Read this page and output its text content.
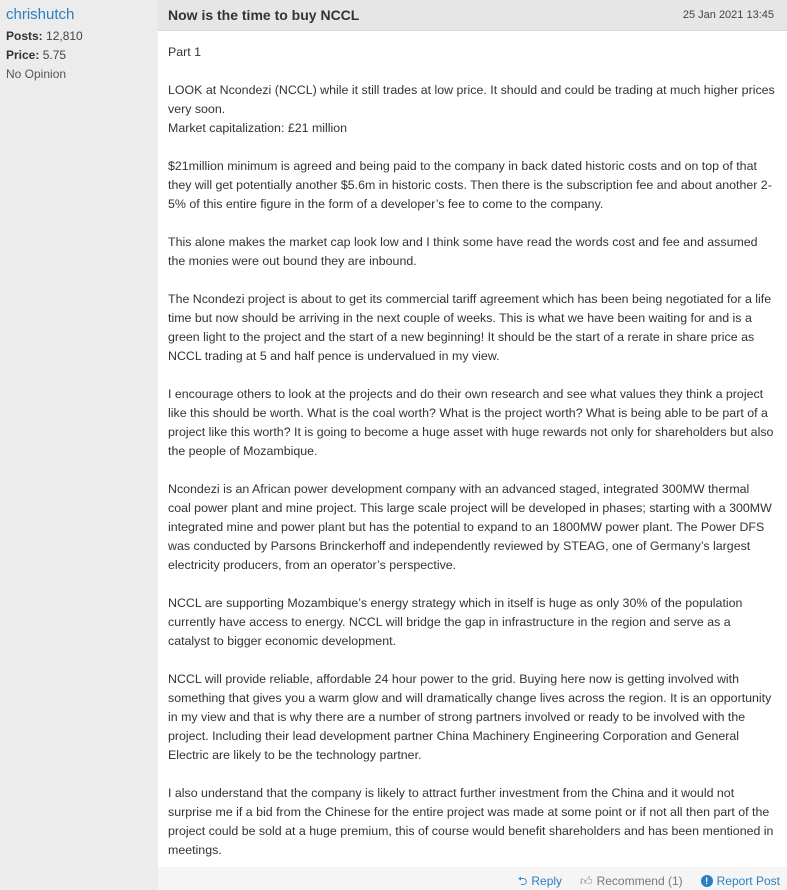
chrishutch
Posts: 12,810
Price: 5.75
No Opinion
Now is the time to buy NCCL	25 Jan 2021 13:45

Part 1

LOOK at Ncondezi (NCCL) while it still trades at low price. It should and could be trading at much higher prices very soon.
Market capitalization: £21 million

$21million minimum is agreed and being paid to the company in back dated historic costs and on top of that they will get potentially another $5.6m in historic costs. Then there is the subscription fee and about another 2-5% of this entire figure in the form of a developer’s fee to come to the company.

This alone makes the market cap look low and I think some have read the words cost and fee and assumed the monies were out bound they are inbound.

The Ncondezi project is about to get its commercial tariff agreement which has been being negotiated for a life time but now should be arriving in the next couple of weeks. This is what we have been waiting for and is a green light to the project and the start of a new beginning! It should be the start of a rerate in share price as NCCL trading at 5 and half pence is undervalued in my view.

I encourage others to look at the projects and do their own research and see what values they think a project like this should be worth. What is the coal worth? What is the project worth? What is being able to be part of a project like this worth? It is going to become a huge asset with huge rewards not only for shareholders but also the people of Mozambique.

Ncondezi is an African power development company with an advanced staged, integrated 300MW thermal coal power plant and mine project. This large scale project will be developed in phases; starting with a 300MW integrated mine and power plant but has the potential to expand to an 1800MW power plant. The Power DFS was conducted by Parsons Brinckerhoff and independently reviewed by STEAG, one of Germany’s largest electricity producers, from an operator’s perspective.

NCCL are supporting Mozambique’s energy strategy which in itself is huge as only 30% of the population currently have access to energy. NCCL will bridge the gap in infrastructure in the region and serve as a catalyst to bigger economic development.

NCCL will provide reliable, affordable 24 hour power to the grid. Buying here now is getting involved with something that gives you a warm glow and will dramatically change lives across the region. It is an opportunity in my view and that is why there are a number of strong partners involved or ready to be involved with the project. Including their lead development partner China Machinery Engineering Corporation and General Electric are likely to be the technology partner.

I also understand that the company is likely to attract further investment from the China and it would not surprise me if a bid from the Chinese for the entire project was made at some point or if not all then part of the project could be sold at a huge premium, this of course would benefit shareholders and has been mentioned in meetings.

⮌ Reply 👍︎ Recommend (1)	! Report Post
